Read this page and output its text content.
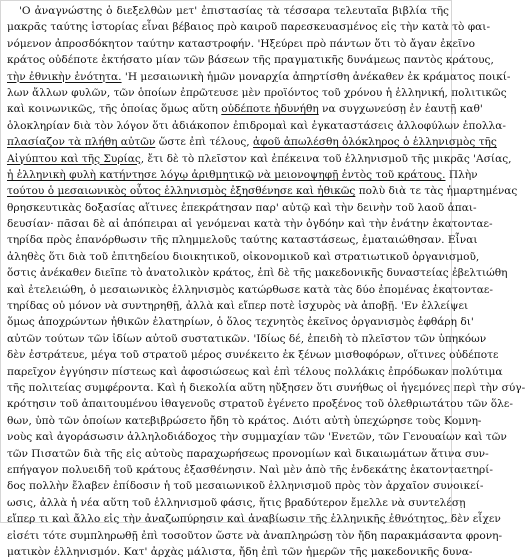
'Ο ἀναγνώστης ὁ διεξελθὼν μετ' ἐπιστασίας τὰ τέσσαρα τελευταῖα βιβλία τῆς
μακρᾶς ταύτης ἱστορίας εἶναι βέβαιος πρὸ καιροῦ παρεσκευασμένος εἰς τὴν κατὰ τὸ φαι-
νόμενον ἀπροσδόκητον ταύτην καταστροφήν. 'Ηξεύρει πρὸ πάντων ὅτι τὸ ἄγαν ἐκεῖνο
κράτος οὐδέποτε ἐκτήσατο μίαν τῶν βάσεων τῆς πραγματικῆς δυνάμεως παντὸς κράτους,
τὴν ἐθνικὴν ἑνότητα. 'Η μεσαιωνικὴ ἡμῶν μοναρχία ἀπηρτίσθη ἀνέκαθεν ἐκ κράματος ποικί-
λων ἄλλων φυλῶν, τῶν ὁποίων ἐπρῶτευσε μὲν προϊόντος τοῦ χρόνου ἡ ἑλληνική, πολιτικῶς
καὶ κοινωνικῶς, τῆς ὁποίας ὅμως αὕτη οὐδέποτε ἠδυνήθη να συγχωνεύσῃ ἐν ἑαυτῇ καθ'
ὁλοκληρίαν διὰ τὸν λόγον ὅτι ἀδιάκοπον ἐπιδρομαὶ καὶ ἐγκαταστάσεις ἀλλοφύλων ἐπολλα-
πλασίαζον τὰ πλήθη αὐτῶν ὥστε ἐπὶ τέλους, ἀφοῦ ἀπωλέσθη ὁλόκληρος ὁ ἑλληνισμὸς τῆς
Αἰγύπτου καὶ τῆς Συρίας, ἔτι δὲ τὸ πλεῖστον καὶ ἐπέκεινα τοῦ ἑλληνισμοῦ τῆς μικρᾶς 'Ασίας,
ἡ ἑλληνικὴ φυλὴ κατήντησε λόγῳ ἀριθμητικῷ νὰ μειονοψηφῇ ἐντὸς τοῦ κράτους. Πλὴν
τούτου ὁ μεσαιωνικὸς οὗτος ἑλληνισμὸς ἐξησθένησε καὶ ἠθικῶς πολὺ διὰ τε τὰς ἡμαρτημένας
θρησκευτικὰς δοξασίας αἵτινες ἐπεκράτησαν παρ' αὐτῷ καὶ τὴν δεινὴν τοῦ λαοῦ ἀπαι-
δευσίαν· πᾶσαι δὲ αἱ ἀπόπειραι αἱ γενόμεναι κατὰ τὴν ὀγδόην καὶ τὴν ἐνάτην ἑκατονταε-
τηρίδα πρὸς ἐπανόρθωσιν τῆς πλημμελοῦς ταύτης καταστάσεως, ἐματαιώθησαν. Εἶναι
ἀληθὲς ὅτι διὰ τοῦ ἐπιτηδείου διοικητικοῦ, οἰκονομικοῦ καὶ στρατιωτικοῦ ὀργανισμοῦ,
ὅστις ἀνέκαθεν διεῖπε τὸ ἀνατολικὸν κράτος, ἐπὶ δὲ τῆς μακεδονικῆς δυναστείας ἐβελτιώθη
καὶ ἐτελειώθη, ὁ μεσαιωνικὸς ἑλληνισμὸς κατώρθωσε κατὰ τὰς δύο ἐπομένας ἑκατονταε-
τηρίδας οὐ μόνον νὰ συντηρηθῇ, ἀλλὰ καὶ εἴπερ ποτὲ ἰσχυρὸς νὰ ἀποβῇ. 'Εν ἐλλείψει
ὅμως ἀποχρώντων ἠθικῶν ἐλατηρίων, ὁ ὅλος τεχνητὸς ἐκεῖνος ὀργανισμὸς ἐφθάρη δι'
αὐτῶν τούτων τῶν ἰδίων αὐτοῦ συστατικῶν. 'Ιδίως δέ, ἐπειδὴ τὸ πλεῖστον τῶν ὑπηκόων
δὲν ἐστράτευε, μέγα τοῦ στρατοῦ μέρος συνέκειτο ἐκ ξένων μισθοφόρων, οἵτινες οὐδέποτε
παρεῖχον ἐγγύησιν πίστεως καὶ ἀφοσιώσεως καὶ ἐπὶ τέλους πολλάκις ἐπρόδωκαν πολύτιμα
τῆς πολιτείας συμφέροντα. Καὶ ἡ διεκολία αὕτη ηὔξησεν ὅτι συνήθως οἱ ἡγεμόνες περὶ τὴν σύγ-
κρότησιν τοῦ ἀπαιτουμένου ἰθαγενοῦς στρατοῦ ἐγένετο προξένος τοῦ ὀλεθριωτάτου τῶν ὅλε-
θων, ὑπὸ τῶν ὁποίων κατεβιβρώσετο ἤδη τὸ κράτος. Διότι αὐτὴ ὑπεχώρησε τοὺς Κομνη-
νοὺς καὶ ἀγοράσωσιν ἀλληλοδιάδοχος τὴν συμμαχίαν τῶν 'Ενετῶν, τῶν Γενουαίων καὶ τῶν
τῶν Πισατῶν διὰ τῆς εἰς αὐτοὺς παραχωρήσεως προνομίων καὶ δικαιωμάτων ἅτινα συν-
επήγαγον πολυειδῆ τοῦ κράτους ἐξασθένησιν. Ναὶ μὲν ἀπὸ τῆς ἑνδεκάτης ἑκατονταετηρί-
δος πολλὴν ἔλαβεν ἐπίδοσιν ἡ τοῦ μεσαιωνικοῦ ἑλληνισμοῦ πρὸς τὸν ἀρχαῖον συνοικεί-
ωσις, ἀλλὰ ἡ νέα αὕτη τοῦ ἑλληνισμοῦ φάσις, ἥτις βραδύτερον ἔμελλε νὰ συντελέσῃ
εἴπερ τι καὶ ἄλλο εἰς τὴν ἀναζωπύρησιν καὶ ἀναβίωσιν τῆς ἑλληνικῆς ἐθνότητος, δὲν εἶχεν
εἰσέτι τότε συμπληρωθῇ ἐπὶ τοσοῦτον ὥστε νὰ ἀναπληρώσῃ τὸν ἤδη παρακμάσαντα φρονη-
ματικὸν ἐλληνισμόν. Κατ' ἀρχὰς μάλιστα, ἤδη ἐπὶ τῶν ἡμερῶν τῆς μακεδονικῆς δυνα-
